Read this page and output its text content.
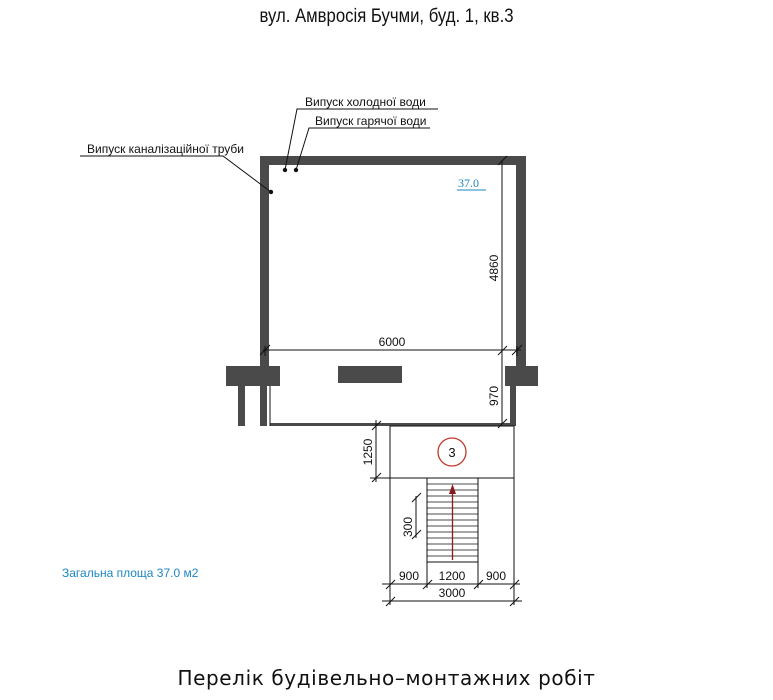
вул. Амвросія Бучми, буд. 1, кв.3
3
Випуск холодної води
Випуск гарячої води
Випуск каналізаційної труби
37.0
6000
4860
970
1250
300
900 1200 900
3000
Загальна площа 37.0 м2
Перелік будівельно–монтажних робіт
